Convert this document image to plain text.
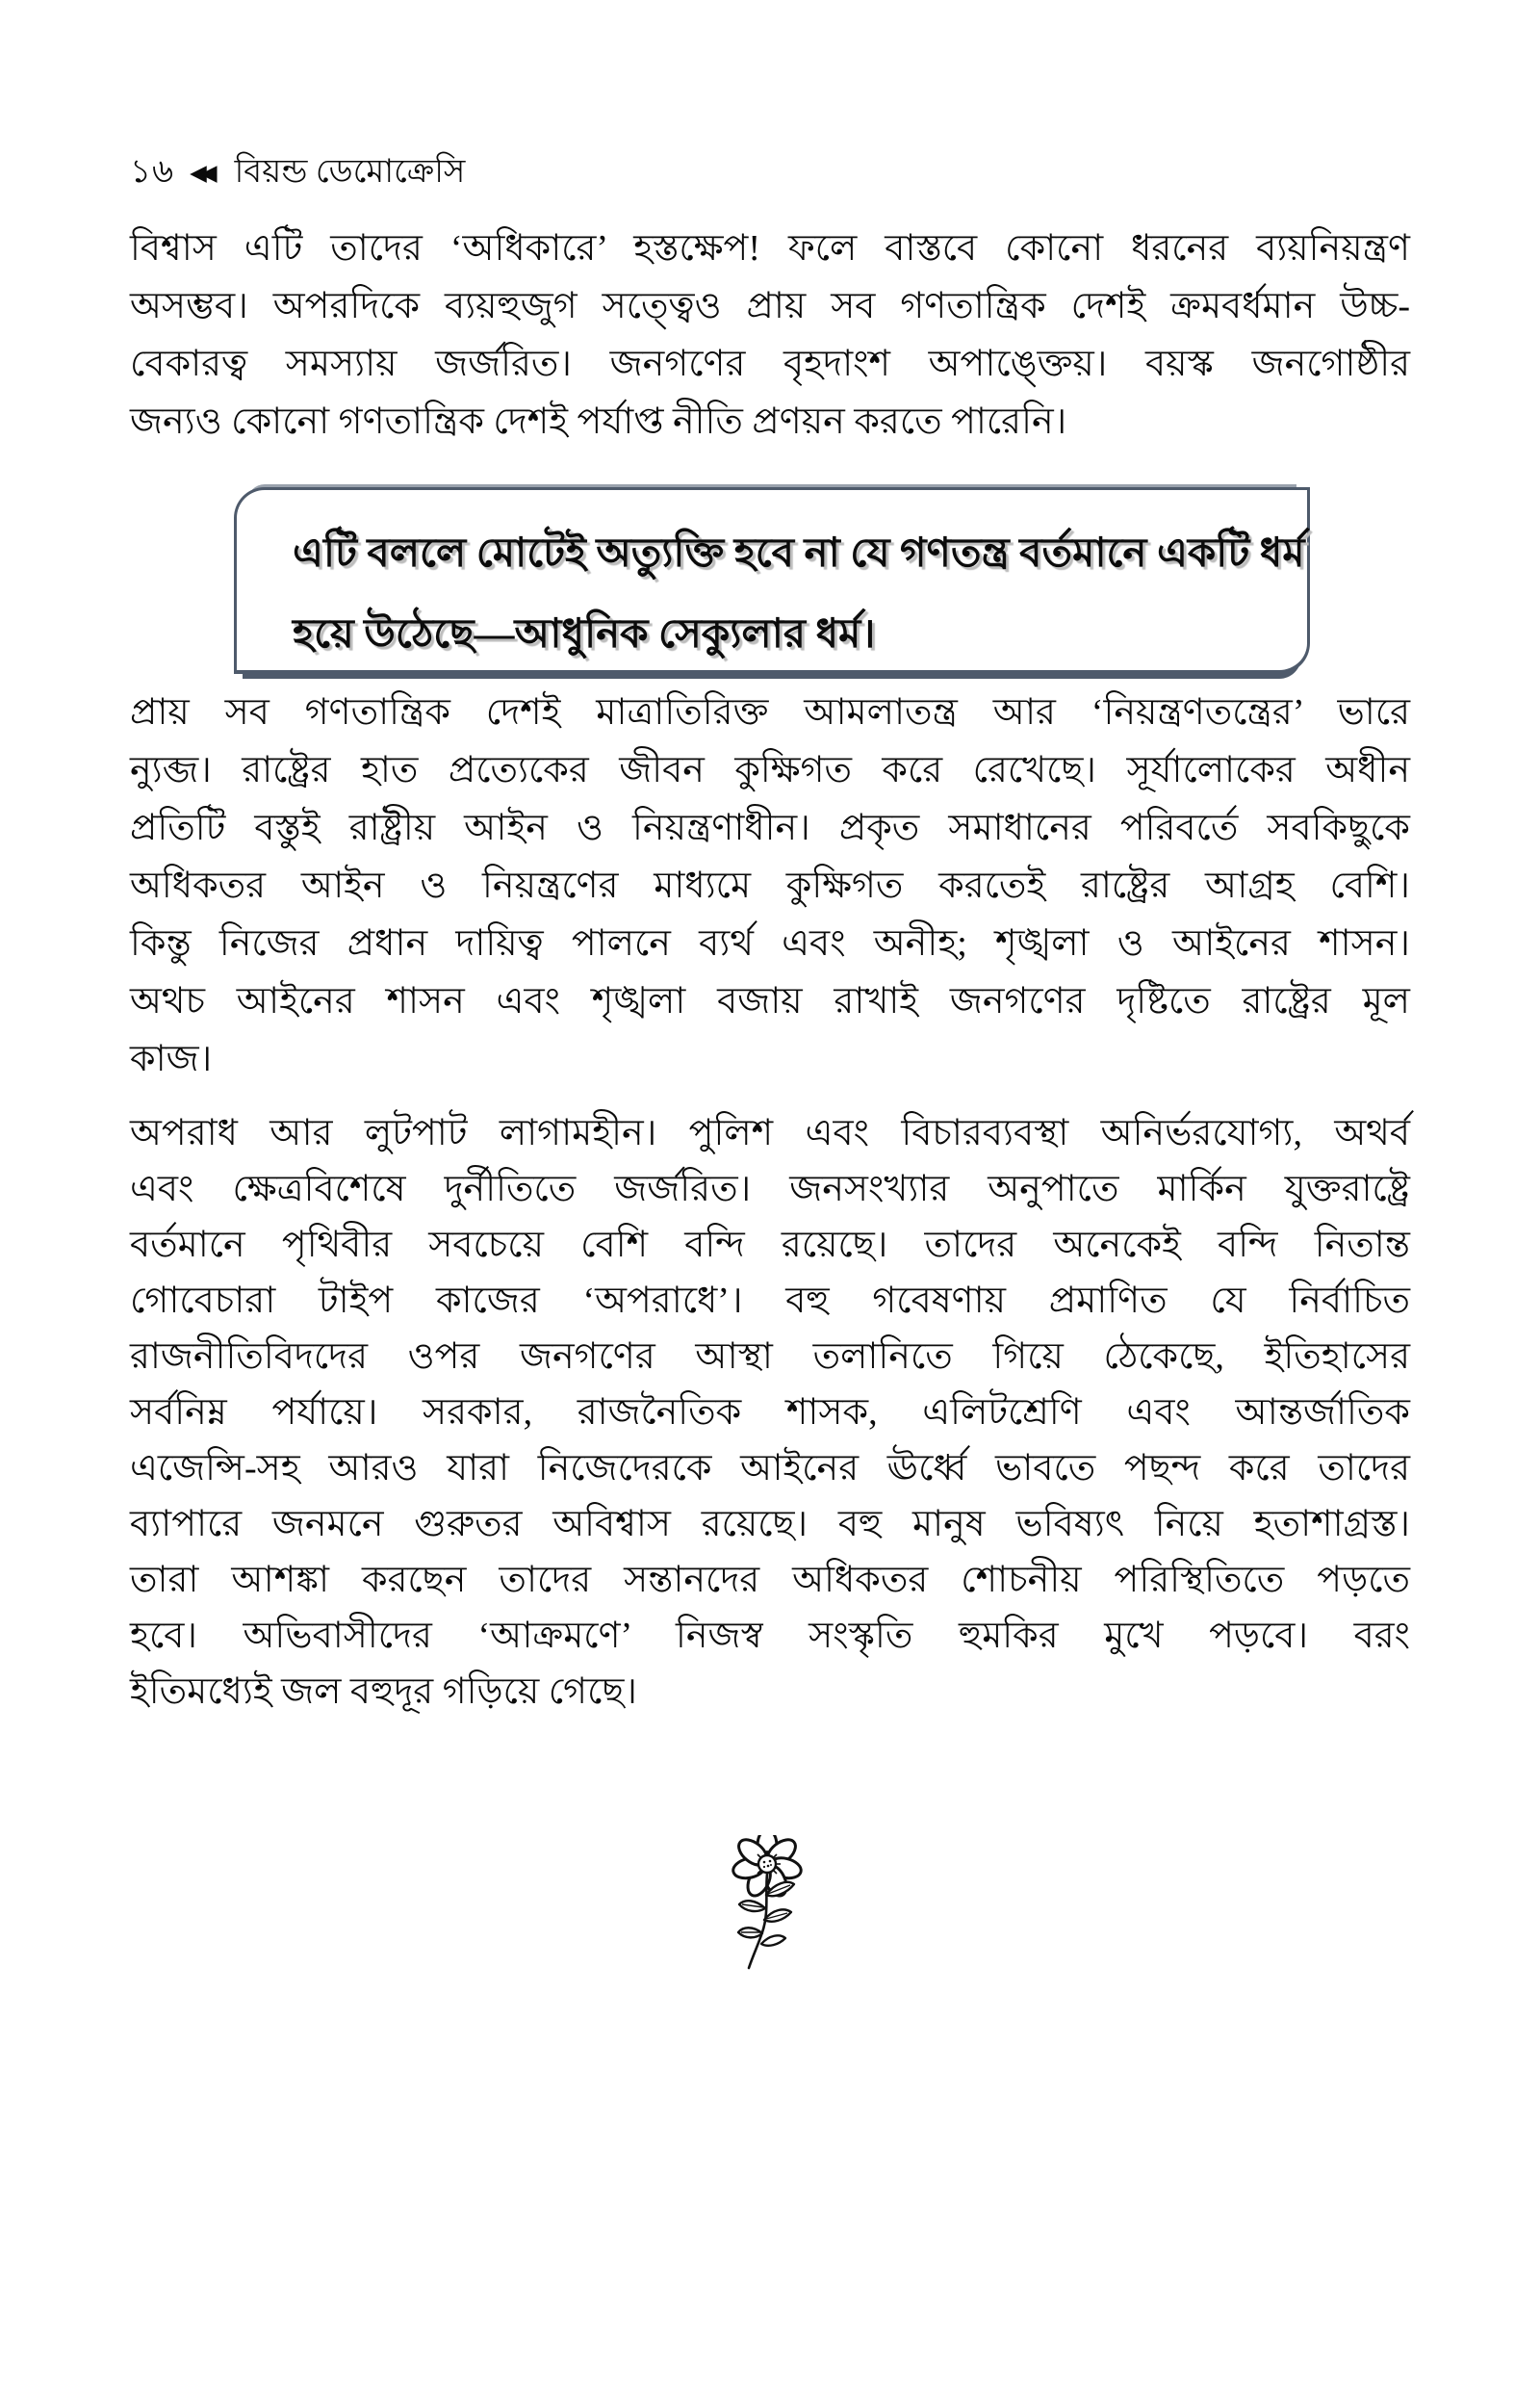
১৬ ◀◀ বিয়ন্ড ডেমোক্রেসি
বিশ্বাস এটি তাদের ‘অধিকারে’ হস্তক্ষেপ! ফলে বাস্তবে কোনো ধরনের ব্যয়নিয়ন্ত্রণ
অসম্ভব। অপরদিকে ব্যয়হুজুগ সত্ত্বেও প্রায় সব গণতান্ত্রিক দেশই ক্রমবর্ধমান উচ্চ-
বেকারত্ব সমস্যায় জর্জরিত। জনগণের বৃহদাংশ অপাঙ্ক্তেয়। বয়স্ক জনগোষ্ঠীর
জন্যও কোনো গণতান্ত্রিক দেশই পর্যাপ্ত নীতি প্রণয়ন করতে পারেনি।
এটি বললে মোটেই অত্যুক্তি হবে না যে গণতন্ত্র বর্তমানে একটি ধর্ম
হয়ে উঠেছে—আধুনিক সেক্যুলার ধর্ম।
প্রায় সব গণতান্ত্রিক দেশই মাত্রাতিরিক্ত আমলাতন্ত্র আর ‘নিয়ন্ত্রণতন্ত্রের’ ভারে
ন্যুব্জ। রাষ্ট্রের হাত প্রত্যেকের জীবন কুক্ষিগত করে রেখেছে। সূর্যালোকের অধীন
প্রতিটি বস্তুই রাষ্ট্রীয় আইন ও নিয়ন্ত্রণাধীন। প্রকৃত সমাধানের পরিবর্তে সবকিছুকে
অধিকতর আইন ও নিয়ন্ত্রণের মাধ্যমে কুক্ষিগত করতেই রাষ্ট্রের আগ্রহ বেশি।
কিন্তু নিজের প্রধান দায়িত্ব পালনে ব্যর্থ এবং অনীহ; শৃঙ্খলা ও আইনের শাসন।
অথচ আইনের শাসন এবং শৃঙ্খলা বজায় রাখাই জনগণের দৃষ্টিতে রাষ্ট্রের মূল
কাজ।
অপরাধ আর লুটপাট লাগামহীন। পুলিশ এবং বিচারব্যবস্থা অনির্ভরযোগ্য, অথর্ব
এবং ক্ষেত্রবিশেষে দুর্নীতিতে জর্জরিত। জনসংখ্যার অনুপাতে মার্কিন যুক্তরাষ্ট্রে
বর্তমানে পৃথিবীর সবচেয়ে বেশি বন্দি রয়েছে। তাদের অনেকেই বন্দি নিতান্ত
গোবেচারা টাইপ কাজের ‘অপরাধে’। বহু গবেষণায় প্রমাণিত যে নির্বাচিত
রাজনীতিবিদদের ওপর জনগণের আস্থা তলানিতে গিয়ে ঠেকেছে, ইতিহাসের
সর্বনিম্ন পর্যায়ে। সরকার, রাজনৈতিক শাসক, এলিটশ্রেণি এবং আন্তর্জাতিক
এজেন্সি-সহ আরও যারা নিজেদেরকে আইনের ঊর্ধ্বে ভাবতে পছন্দ করে তাদের
ব্যাপারে জনমনে গুরুতর অবিশ্বাস রয়েছে। বহু মানুষ ভবিষ্যৎ নিয়ে হতাশাগ্রস্ত।
তারা আশঙ্কা করছেন তাদের সন্তানদের অধিকতর শোচনীয় পরিস্থিতিতে পড়তে
হবে। অভিবাসীদের ‘আক্রমণে’ নিজস্ব সংস্কৃতি হুমকির মুখে পড়বে। বরং
ইতিমধ্যেই জল বহুদূর গড়িয়ে গেছে।
